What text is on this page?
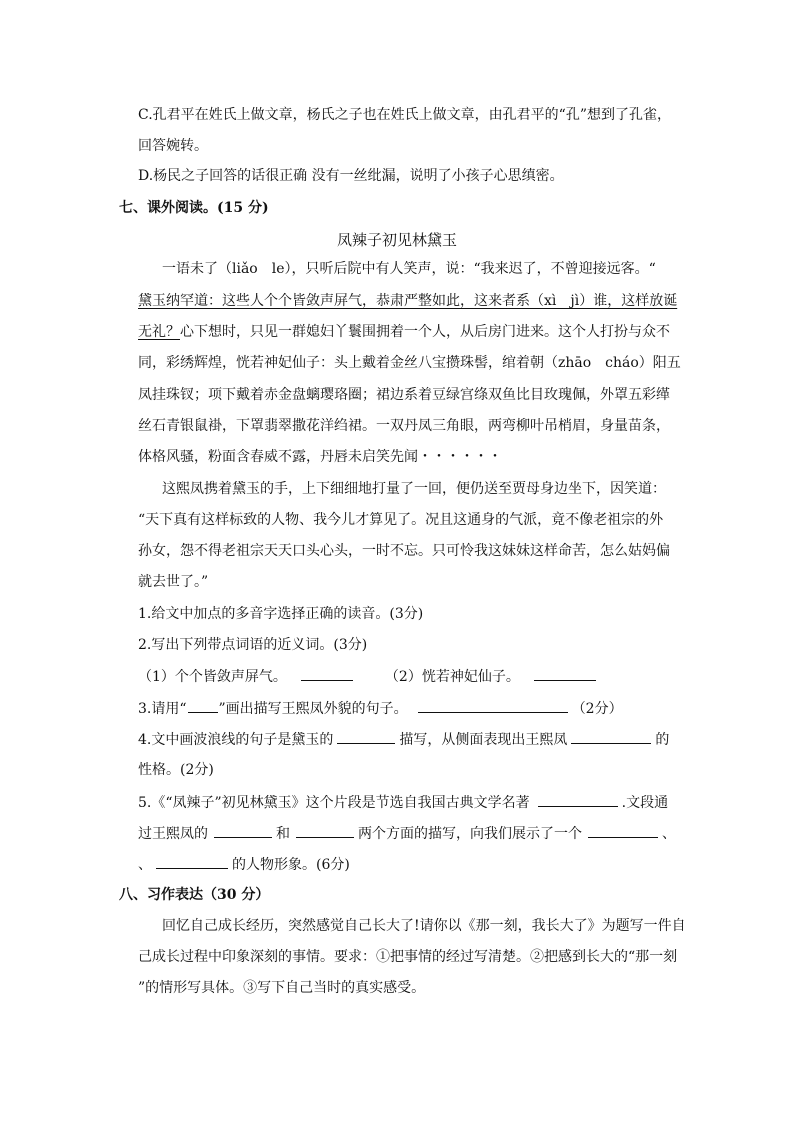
C.孔君平在姓氏上做文章，杨氏之子也在姓氏上做文章，由孔君平的“孔”想到了孔雀，
回答婉转。
D.杨民之子回答的话很正确 没有一丝纰漏，说明了小孩子心思缜密。
七、课外阅读。(15 分)
凤辣子初见林黛玉
一语未了（liǎo　le），只听后院中有人笑声，说：“我来迟了，不曾迎接远客。“
黛玉纳罕道：这些人个个皆敛声屏气，恭肃严整如此，这来者系（xì　jì）谁，这样放诞
无礼？心下想时，只见一群媳妇丫鬟围拥着一个人，从后房门进来。这个人打扮与众不
同，彩绣辉煌，恍若神妃仙子：头上戴着金丝八宝攒珠髻，绾着朝（zhāo　cháo）阳五
凤挂珠钗；项下戴着赤金盘螭璎珞圈；裙边系着豆绿宫绦双鱼比目玫瑰佩，外罩五彩缂
丝石青银鼠褂，下罩翡翠撒花洋绉裙。一双丹凤三角眼，两弯柳叶吊梢眉，身量苗条，
体格风骚，粉面含春威不露，丹唇未启笑先闻・・・・・・
这熙凤携着黛玉的手，上下细细地打量了一回，便仍送至贾母身边坐下，因笑道：
“天下真有这样标致的人物、我今儿才算见了。况且这通身的气派，竟不像老祖宗的外
孙女，怨不得老祖宗天天口头心头，一时不忘。只可怜我这妹妹这样命苦，怎么姑妈偏
就去世了。”
1.给文中加点的多音字选择正确的读音。(3分)
2.写出下列带点词语的近义词。(3分)
（1）个个皆敛声屏气。	（2）恍若神妃仙子。
3.请用“ ”画出描写王熙凤外貌的句子。	（2分）
4.文中画波浪线的句子是黛玉的	描写，从侧面表现出王熙凤	的
性格。(2分)
5.《“凤辣子”初见林黛玉》这个片段是节选自我国古典文学名著	.文段通
过王熙凤的	和	两个方面的描写，向我们展示了一个	、
、	的人物形象。(6分)
八、习作表达（30 分）
回忆自己成长经历，突然感觉自己长大了!请你以《那一刻，我长大了》为题写一件自
己成长过程中印象深刻的事情。要求：①把事情的经过写清楚。②把感到长大的“那一刻
”的情形写具体。③写下自己当时的真实感受。
